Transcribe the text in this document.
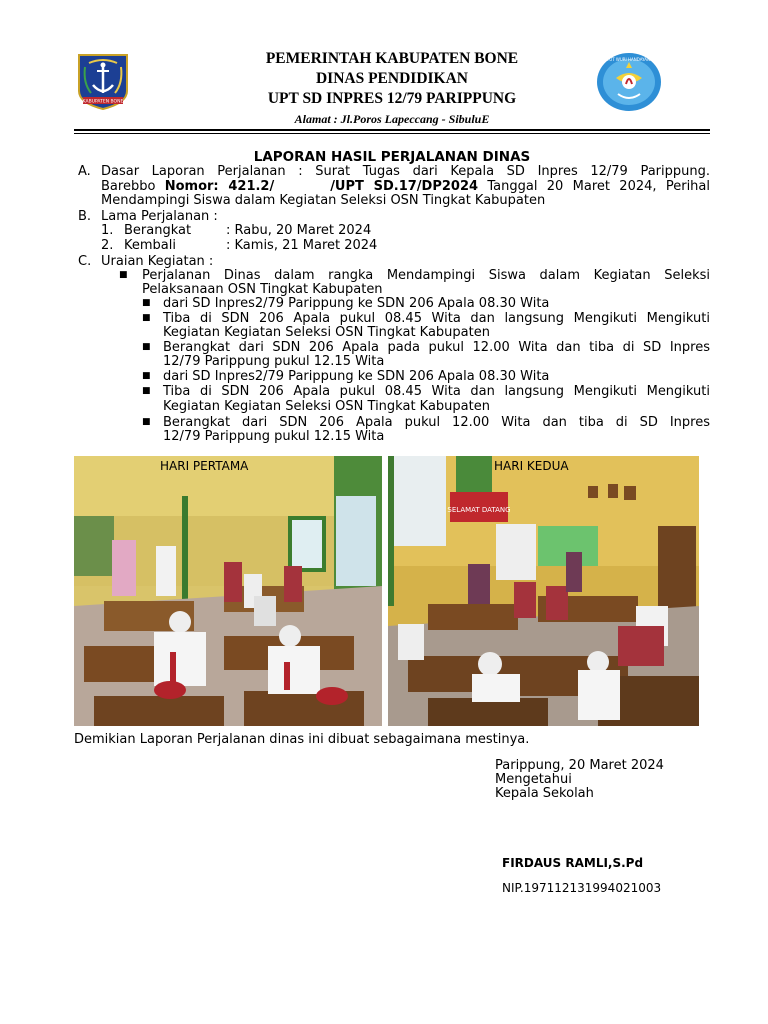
KABUPATEN BONE
PEMERINTAH KABUPATEN BONE
DINAS PENDIDIKAN
UPT SD INPRES 12/79 PARIPPUNG
Alamat : Jl.Poros Lapeccang - SibuluE
TUT WURI HANDAYANI
LAPORAN HASIL PERJALANAN DINAS
A. Dasar Laporan Perjalanan : Surat Tugas dari Kepala SD Inpres 12/79 Parippung.
Barebbo Nomor: 421.2/	/UPT SD.17/DP2024 Tanggal 20 Maret 2024, Perihal
Mendampingi Siswa dalam Kegiatan Seleksi OSN Tingkat Kabupaten
B. Lama Perjalanan :
1. Berangkat	: Rabu, 20 Maret 2024
2. Kembali	: Kamis, 21 Maret 2024
C. Uraian Kegiatan :
■ Perjalanan Dinas dalam rangka Mendampingi Siswa dalam Kegiatan Seleksi
Pelaksanaan OSN Tingkat Kabupaten
■ dari SD Inpres2/79 Parippung ke SDN 206 Apala 08.30 Wita
■ Tiba di SDN 206 Apala pukul 08.45 Wita dan langsung Mengikuti Mengikuti
Kegiatan Kegiatan Seleksi OSN Tingkat Kabupaten
■ Berangkat dari SDN 206 Apala pada pukul 12.00 Wita dan tiba di SD Inpres
12/79 Parippung pukul 12.15 Wita
■ dari SD Inpres2/79 Parippung ke SDN 206 Apala 08.30 Wita
■ Tiba di SDN 206 Apala pukul 08.45 Wita dan langsung Mengikuti Mengikuti
Kegiatan Kegiatan Seleksi OSN Tingkat Kabupaten
■ Berangkat dari SDN 206 Apala pukul 12.00 Wita dan tiba di SD Inpres
12/79 Parippung pukul 12.15 Wita
HARI PERTAMA
SELAMAT DATANG
HARI KEDUA
Demikian Laporan Perjalanan dinas ini dibuat sebagaimana mestinya.
Parippung, 20 Maret 2024
Mengetahui
Kepala Sekolah
FIRDAUS RAMLI,S.Pd
NIP.197112131994021003
